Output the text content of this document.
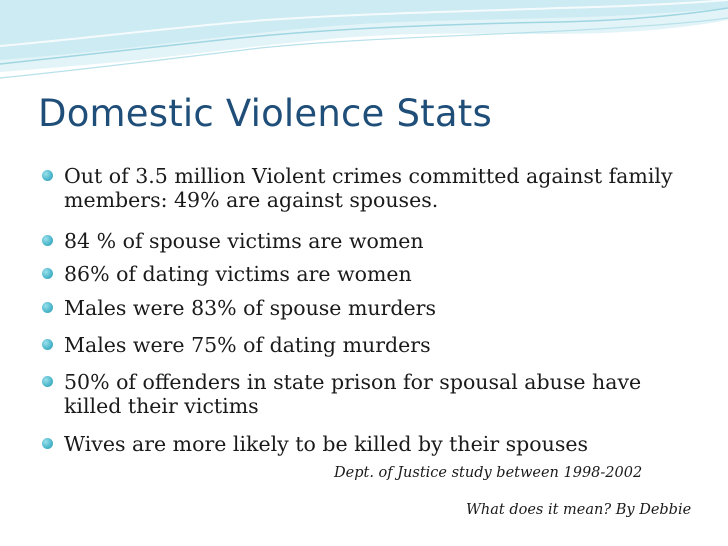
Domestic Violence Stats
Out of 3.5 million Violent crimes committed against family members: 49% are against spouses.
84 % of spouse victims are women
86% of dating victims are women
Males were 83% of spouse murders
Males were 75% of dating murders
50% of offenders in state prison for spousal abuse have killed their victims
Wives are more likely to be killed by their spouses
Dept. of Justice study between 1998-2002
What does it mean? By Debbie
